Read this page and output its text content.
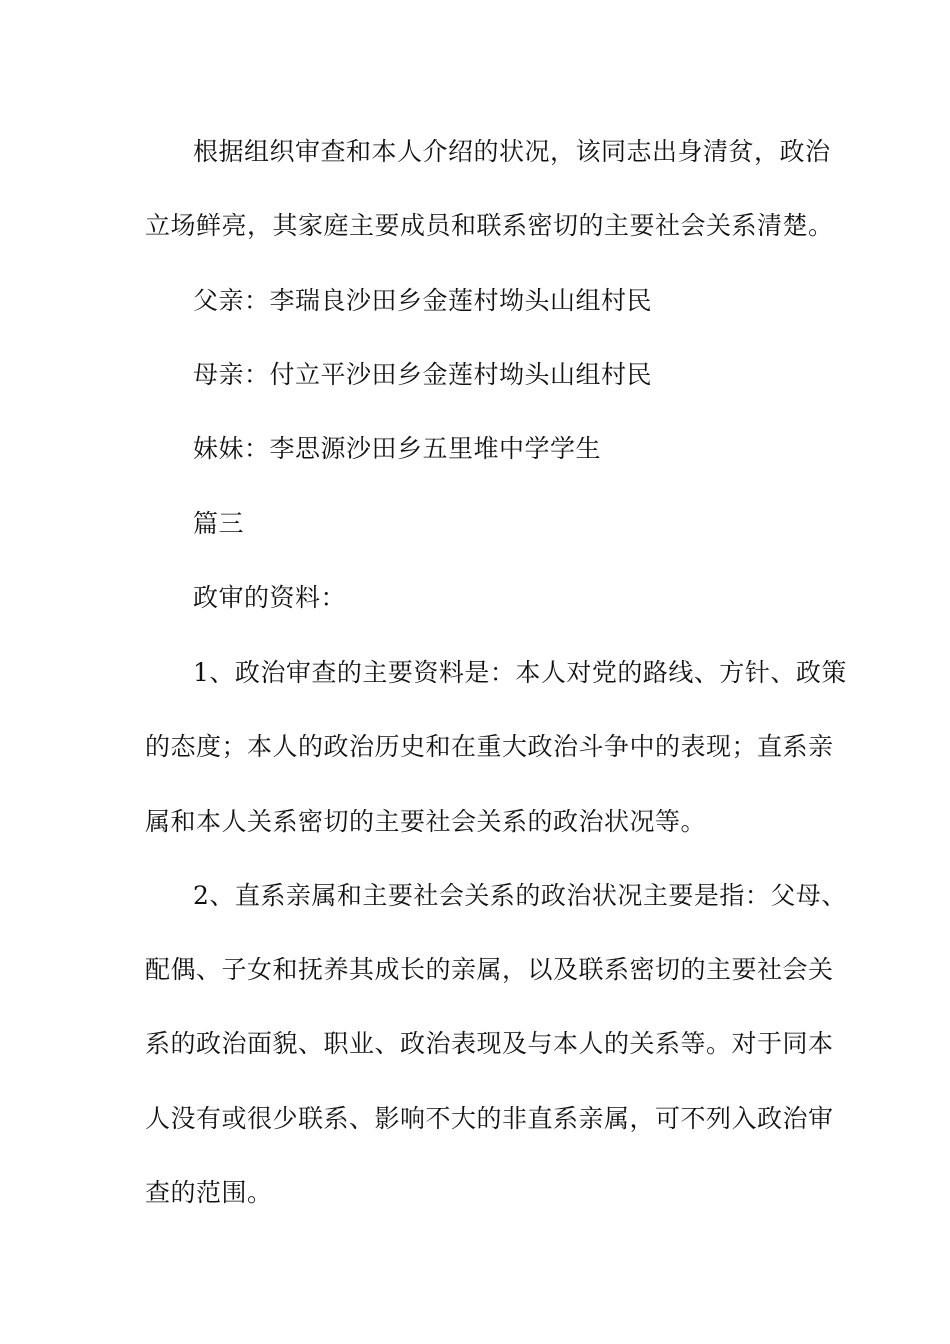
根据组织审查和本人介绍的状况，该同志出身清贫，政治
立场鲜亮，其家庭主要成员和联系密切的主要社会关系清楚。
父亲：李瑞良沙田乡金莲村坳头山组村民
母亲：付立平沙田乡金莲村坳头山组村民
妹妹：李思源沙田乡五里堆中学学生
篇三
政审的资料：
1、政治审查的主要资料是：本人对党的路线、方针、政策
的态度；本人的政治历史和在重大政治斗争中的表现；直系亲
属和本人关系密切的主要社会关系的政治状况等。
2、直系亲属和主要社会关系的政治状况主要是指：父母、
配偶、子女和抚养其成长的亲属，以及联系密切的主要社会关
系的政治面貌、职业、政治表现及与本人的关系等。对于同本
人没有或很少联系、影响不大的非直系亲属，可不列入政治审
查的范围。
